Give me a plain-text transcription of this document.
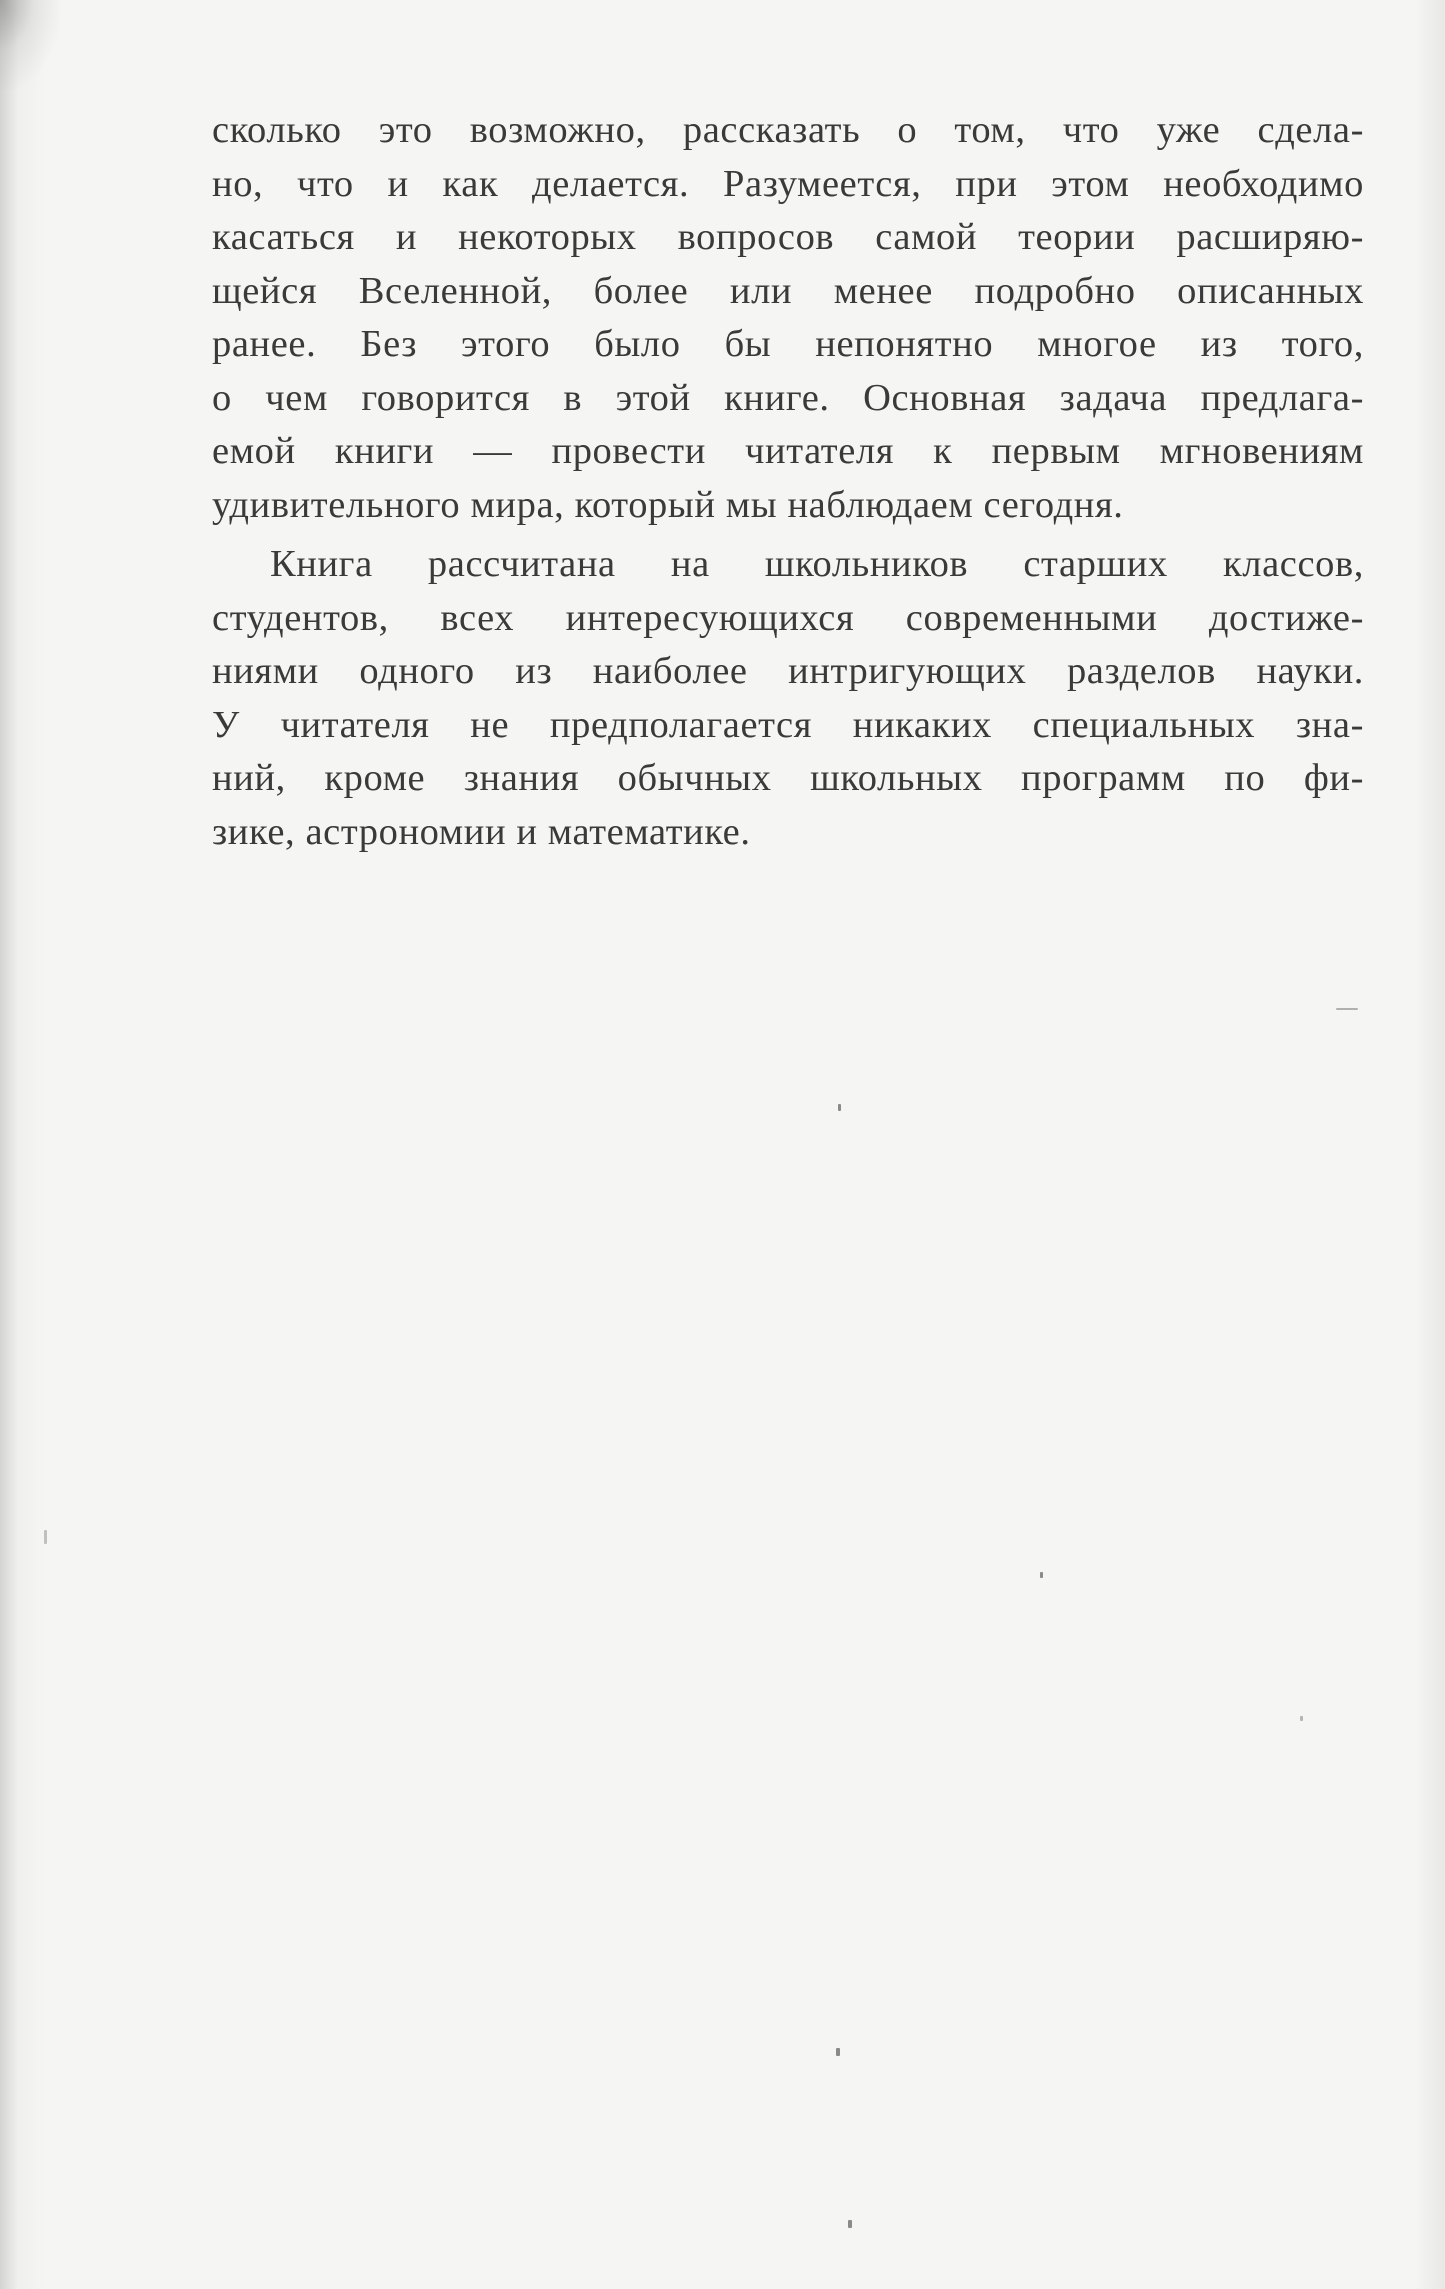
сколько это возможно, рассказать о том, что уже сдела-
но, что и как делается. Разумеется, при этом необходимо
касаться и некоторых вопросов самой теории расширяю-
щейся Вселенной, более или менее подробно описанных
ранее. Без этого было бы непонятно многое из того,
о чем говорится в этой книге. Основная задача предлага-
емой книги — провести читателя к первым мгновениям
удивительного мира, который мы наблюдаем сегодня.
Книга рассчитана на школьников старших классов,
студентов, всех интересующихся современными достиже-
ниями одного из наиболее интригующих разделов науки.
У читателя не предполагается никаких специальных зна-
ний, кроме знания обычных школьных программ по фи-
зике, астрономии и математике.
